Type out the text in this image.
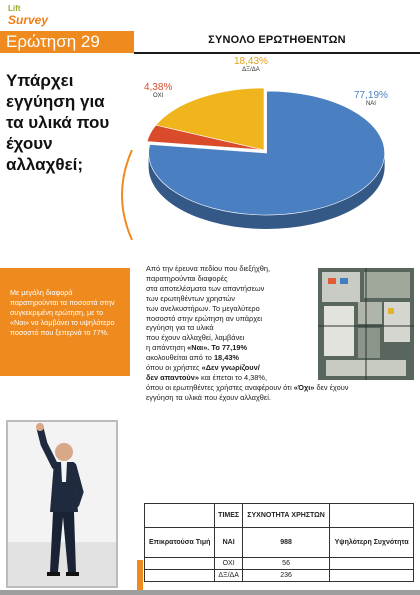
Lift
Survey
Ερώτηση 29	ΣΥΝΟΛΟ ΕΡΩΤΗΘΕΝΤΩΝ
Υπάρχει εγγύηση για τα υλικά που έχουν αλλαχθεί;
77,19%
ΝΑΙ
4,38%
ΟΧΙ
18,43%
ΔΞ/ΔΑ
Με μεγάλη διαφορά παρατηρούνται τα ποσοστά στην συγκεκριμένη ερώτηση, με το «Ναι» να λαμβάνει το υψηλότερο ποσοστό που ξεπερνά το 77%.
Από την έρευνα πεδίου που διεξήχθη,
παρατηρούνται διαφορές
στα αποτελέσματα των απαντήσεων
των ερωτηθέντων χρηστών
των ανελκυστήρων. Το μεγαλύτερο
ποσοστό στην ερώτηση αν υπάρχει
εγγύηση για τα υλικά
που έχουν αλλαχθεί, λαμβάνει
η απάντηση «Ναι». Το 77,19%
ακολουθείται από το 18,43%
όπου οι χρήστες «Δεν γνωρίζουν/
δεν απαντούν» και έπεται το 4,38%,
όπου οι ερωτηθέντες χρήστες αναφέρουν ότι «Όχι» δεν έχουν
εγγύηση τα υλικά που έχουν αλλαχθεί.
	ΤΙΜΕΣ	ΣΥΧΝΟΤΗΤΑ ΧΡΗΣΤΩΝ	
Επικρατούσα Τιμή	ΝΑΙ	988	Υψηλότερη Συχνότητα
	ΟΧΙ	56	
	ΔΞ/ΔΑ	236	
